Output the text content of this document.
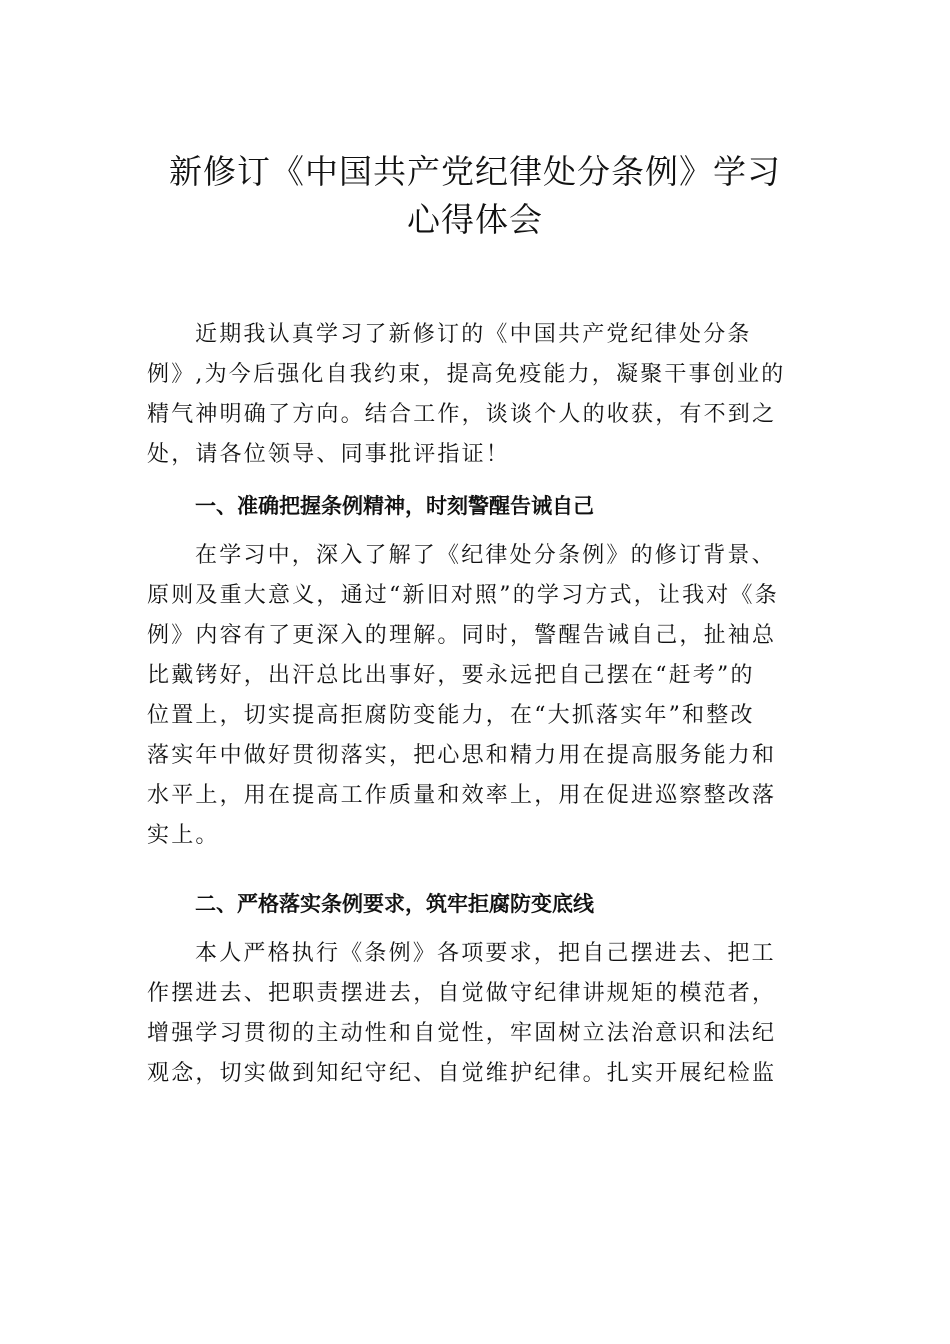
新修订《中国共产党纪律处分条例》学习
心得体会
近期我认真学习了新修订的《中国共产党纪律处分条
例》,为今后强化自我约束，提高免疫能力，凝聚干事创业的
精气神明确了方向。结合工作，谈谈个人的收获，有不到之
处，请各位领导、同事批评指证！
一、准确把握条例精神，时刻警醒告诫自己
在学习中，深入了解了《纪律处分条例》的修订背景、
原则及重大意义，通过“新旧对照”的学习方式，让我对《条
例》内容有了更深入的理解。同时，警醒告诫自己，扯袖总
比戴铐好，出汗总比出事好，要永远把自己摆在“赶考”的
位置上，切实提高拒腐防变能力，在“大抓落实年”和整改
落实年中做好贯彻落实，把心思和精力用在提高服务能力和
水平上，用在提高工作质量和效率上，用在促进巡察整改落
实上。
二、严格落实条例要求，筑牢拒腐防变底线
本人严格执行《条例》各项要求，把自己摆进去、把工
作摆进去、把职责摆进去，自觉做守纪律讲规矩的模范者，
增强学习贯彻的主动性和自觉性，牢固树立法治意识和法纪
观念，切实做到知纪守纪、自觉维护纪律。扎实开展纪检监
